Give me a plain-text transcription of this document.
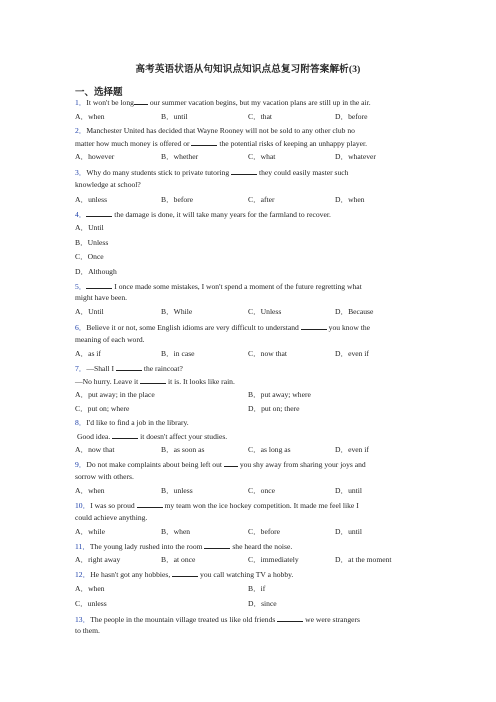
高考英语状语从句知识点知识点总复习附答案解析(3)
一、选择题
1．It won't be long our summer vacation begins, but my vacation plans are still up in the air.
A．when	B．until	C．that	D．before
2．Manchester United has decided that Wayne Rooney will not be sold to any other club no
matter how much money is offered or	the potential risks of keeping an unhappy player.
A．however	B．whether	C．what	D．whatever
3．Why do many students stick to private tutoring	they could easily master such
knowledge at school?
A．unless	B．before	C．after	D．when
4．	the damage is done, it will take many years for the farmland to recover.
A．Until
B．Unless
C．Once
D．Although
5．	I once made some mistakes, I won't spend a moment of the future regretting what
might have been.
A．Until	B．While	C．Unless	D．Because
6．Believe it or not, some English idioms are very difficult to understand	you know the
meaning of each word.
A．as if	B．in case	C．now that	D．even if
7．—Shall I	the raincoat?
—No hurry. Leave it	it is. It looks like rain.
A．put away; in the place	B．put away; where
C．put on; where	D．put on; there
8．I'd like to find a job in the library.
Good idea.	it doesn't affect your studies.
A．now that	B．as soon as	C．as long as	D．even if
9．Do not make complaints about being left out you shy away from sharing your joys and
sorrow with others.
A．when	B．unless	C．once	D．until
10．I was so proud	my team won the ice hockey competition. It made me feel like I
could achieve anything.
A．while	B．when	C．before	D．until
11．The young lady rushed into the room	she heard the noise.
A．right away	B．at once	C．immediately	D．at the moment
12．He hasn't got any hobbies,	you call watching TV a hobby.
A．when	B．if
C．unless	D．since
13．The people in the mountain village treated us like old friends	we were strangers
to them.
